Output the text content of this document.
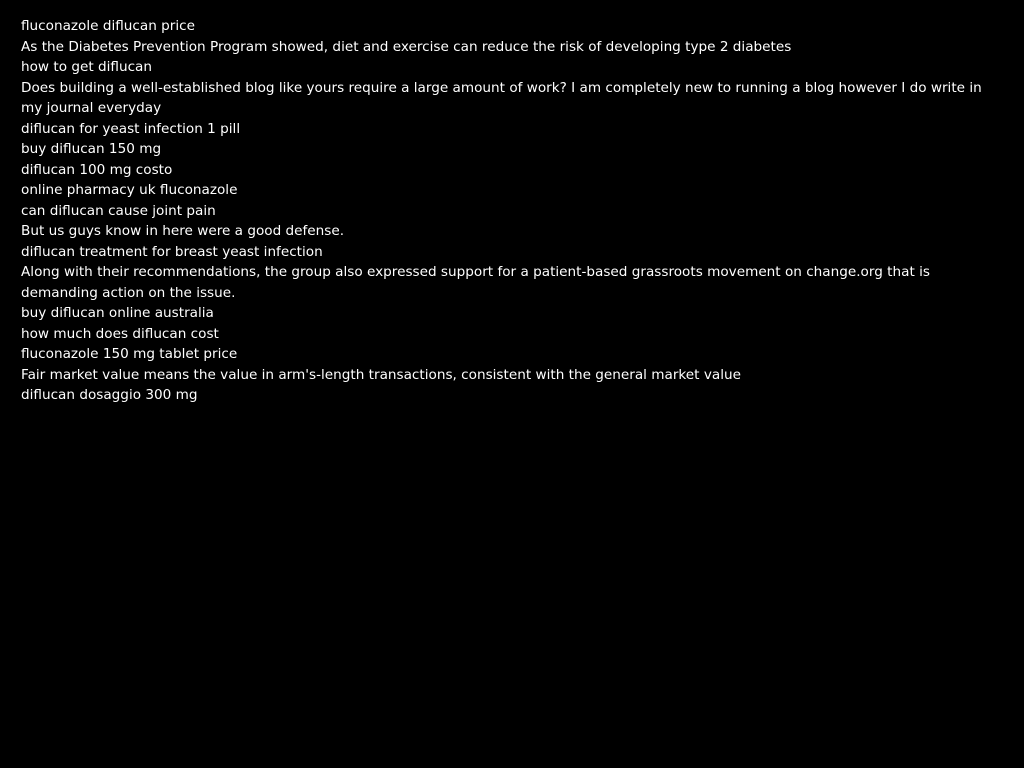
fluconazole diflucan price

As the Diabetes Prevention Program showed, diet and exercise can reduce the risk of developing type 2 diabetes

how to get diflucan

Does building a well-established blog like yours require a large amount of work? I am completely new to running a blog however I do write in my journal everyday

diflucan for yeast infection 1 pill

buy diflucan 150 mg

diflucan 100 mg costo

online pharmacy uk fluconazole

can diflucan cause joint pain

But us guys know in here were a good defense.

diflucan treatment for breast yeast infection

Along with their recommendations, the group also expressed support for a patient-based grassroots movement on change.org that is demanding action on the issue.

buy diflucan online australia

how much does diflucan cost

fluconazole 150 mg tablet price

Fair market value means the value in arm's-length transactions, consistent with the general market value

diflucan dosaggio 300 mg
